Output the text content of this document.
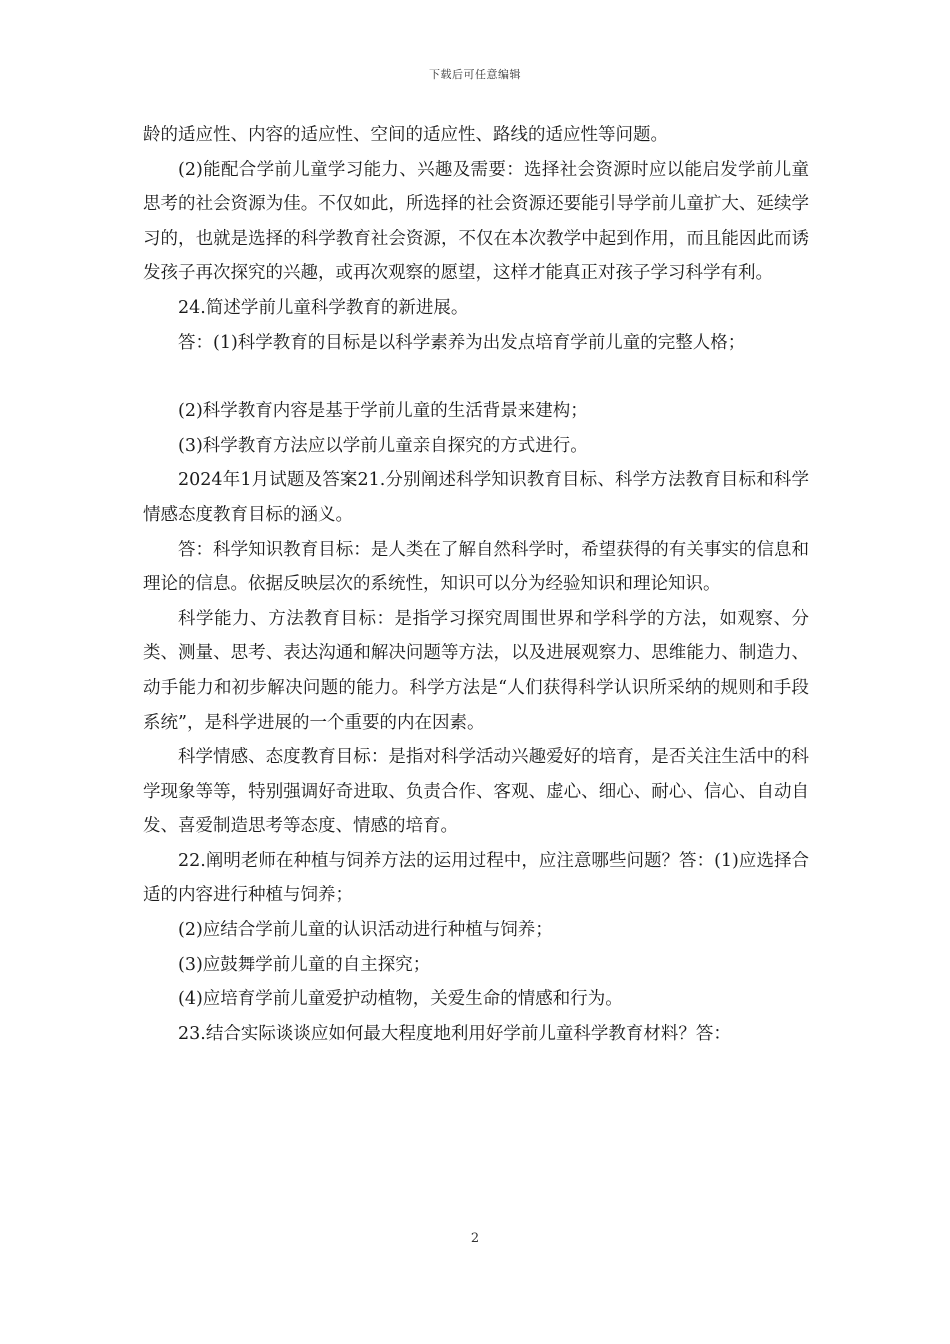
下载后可任意编辑

龄的适应性、内容的适应性、空间的适应性、路线的适应性等问题。

(2)能配合学前儿童学习能力、兴趣及需要：选择社会资源时应以能启发学前儿童思考的社会资源为佳。不仅如此，所选择的社会资源还要能引导学前儿童扩大、延续学习的，也就是选择的科学教育社会资源，不仅在本次教学中起到作用，而且能因此而诱发孩子再次探究的兴趣，或再次观察的愿望，这样才能真正对孩子学习科学有利。

24.简述学前儿童科学教育的新进展。

答：(1)科学教育的目标是以科学素养为出发点培育学前儿童的完整人格；

(2)科学教育内容是基于学前儿童的生活背景来建构；

(3)科学教育方法应以学前儿童亲自探究的方式进行。

2024年1月试题及答案21.分别阐述科学知识教育目标、科学方法教育目标和科学情感态度教育目标的涵义。

答：科学知识教育目标：是人类在了解自然科学时，希望获得的有关事实的信息和理论的信息。依据反映层次的系统性，知识可以分为经验知识和理论知识。

科学能力、方法教育目标：是指学习探究周围世界和学科学的方法，如观察、分类、测量、思考、表达沟通和解决问题等方法，以及进展观察力、思维能力、制造力、动手能力和初步解决问题的能力。科学方法是“人们获得科学认识所采纳的规则和手段系统”，是科学进展的一个重要的内在因素。

科学情感、态度教育目标：是指对科学活动兴趣爱好的培育，是否关注生活中的科学现象等等，特别强调好奇进取、负责合作、客观、虚心、细心、耐心、信心、自动自发、喜爱制造思考等态度、情感的培育。

22.阐明老师在种植与饲养方法的运用过程中，应注意哪些问题？答：(1)应选择合适的内容进行种植与饲养；

(2)应结合学前儿童的认识活动进行种植与饲养；

(3)应鼓舞学前儿童的自主探究；

(4)应培育学前儿童爱护动植物，关爱生命的情感和行为。

23.结合实际谈谈应如何最大程度地利用好学前儿童科学教育材料？答：

2
